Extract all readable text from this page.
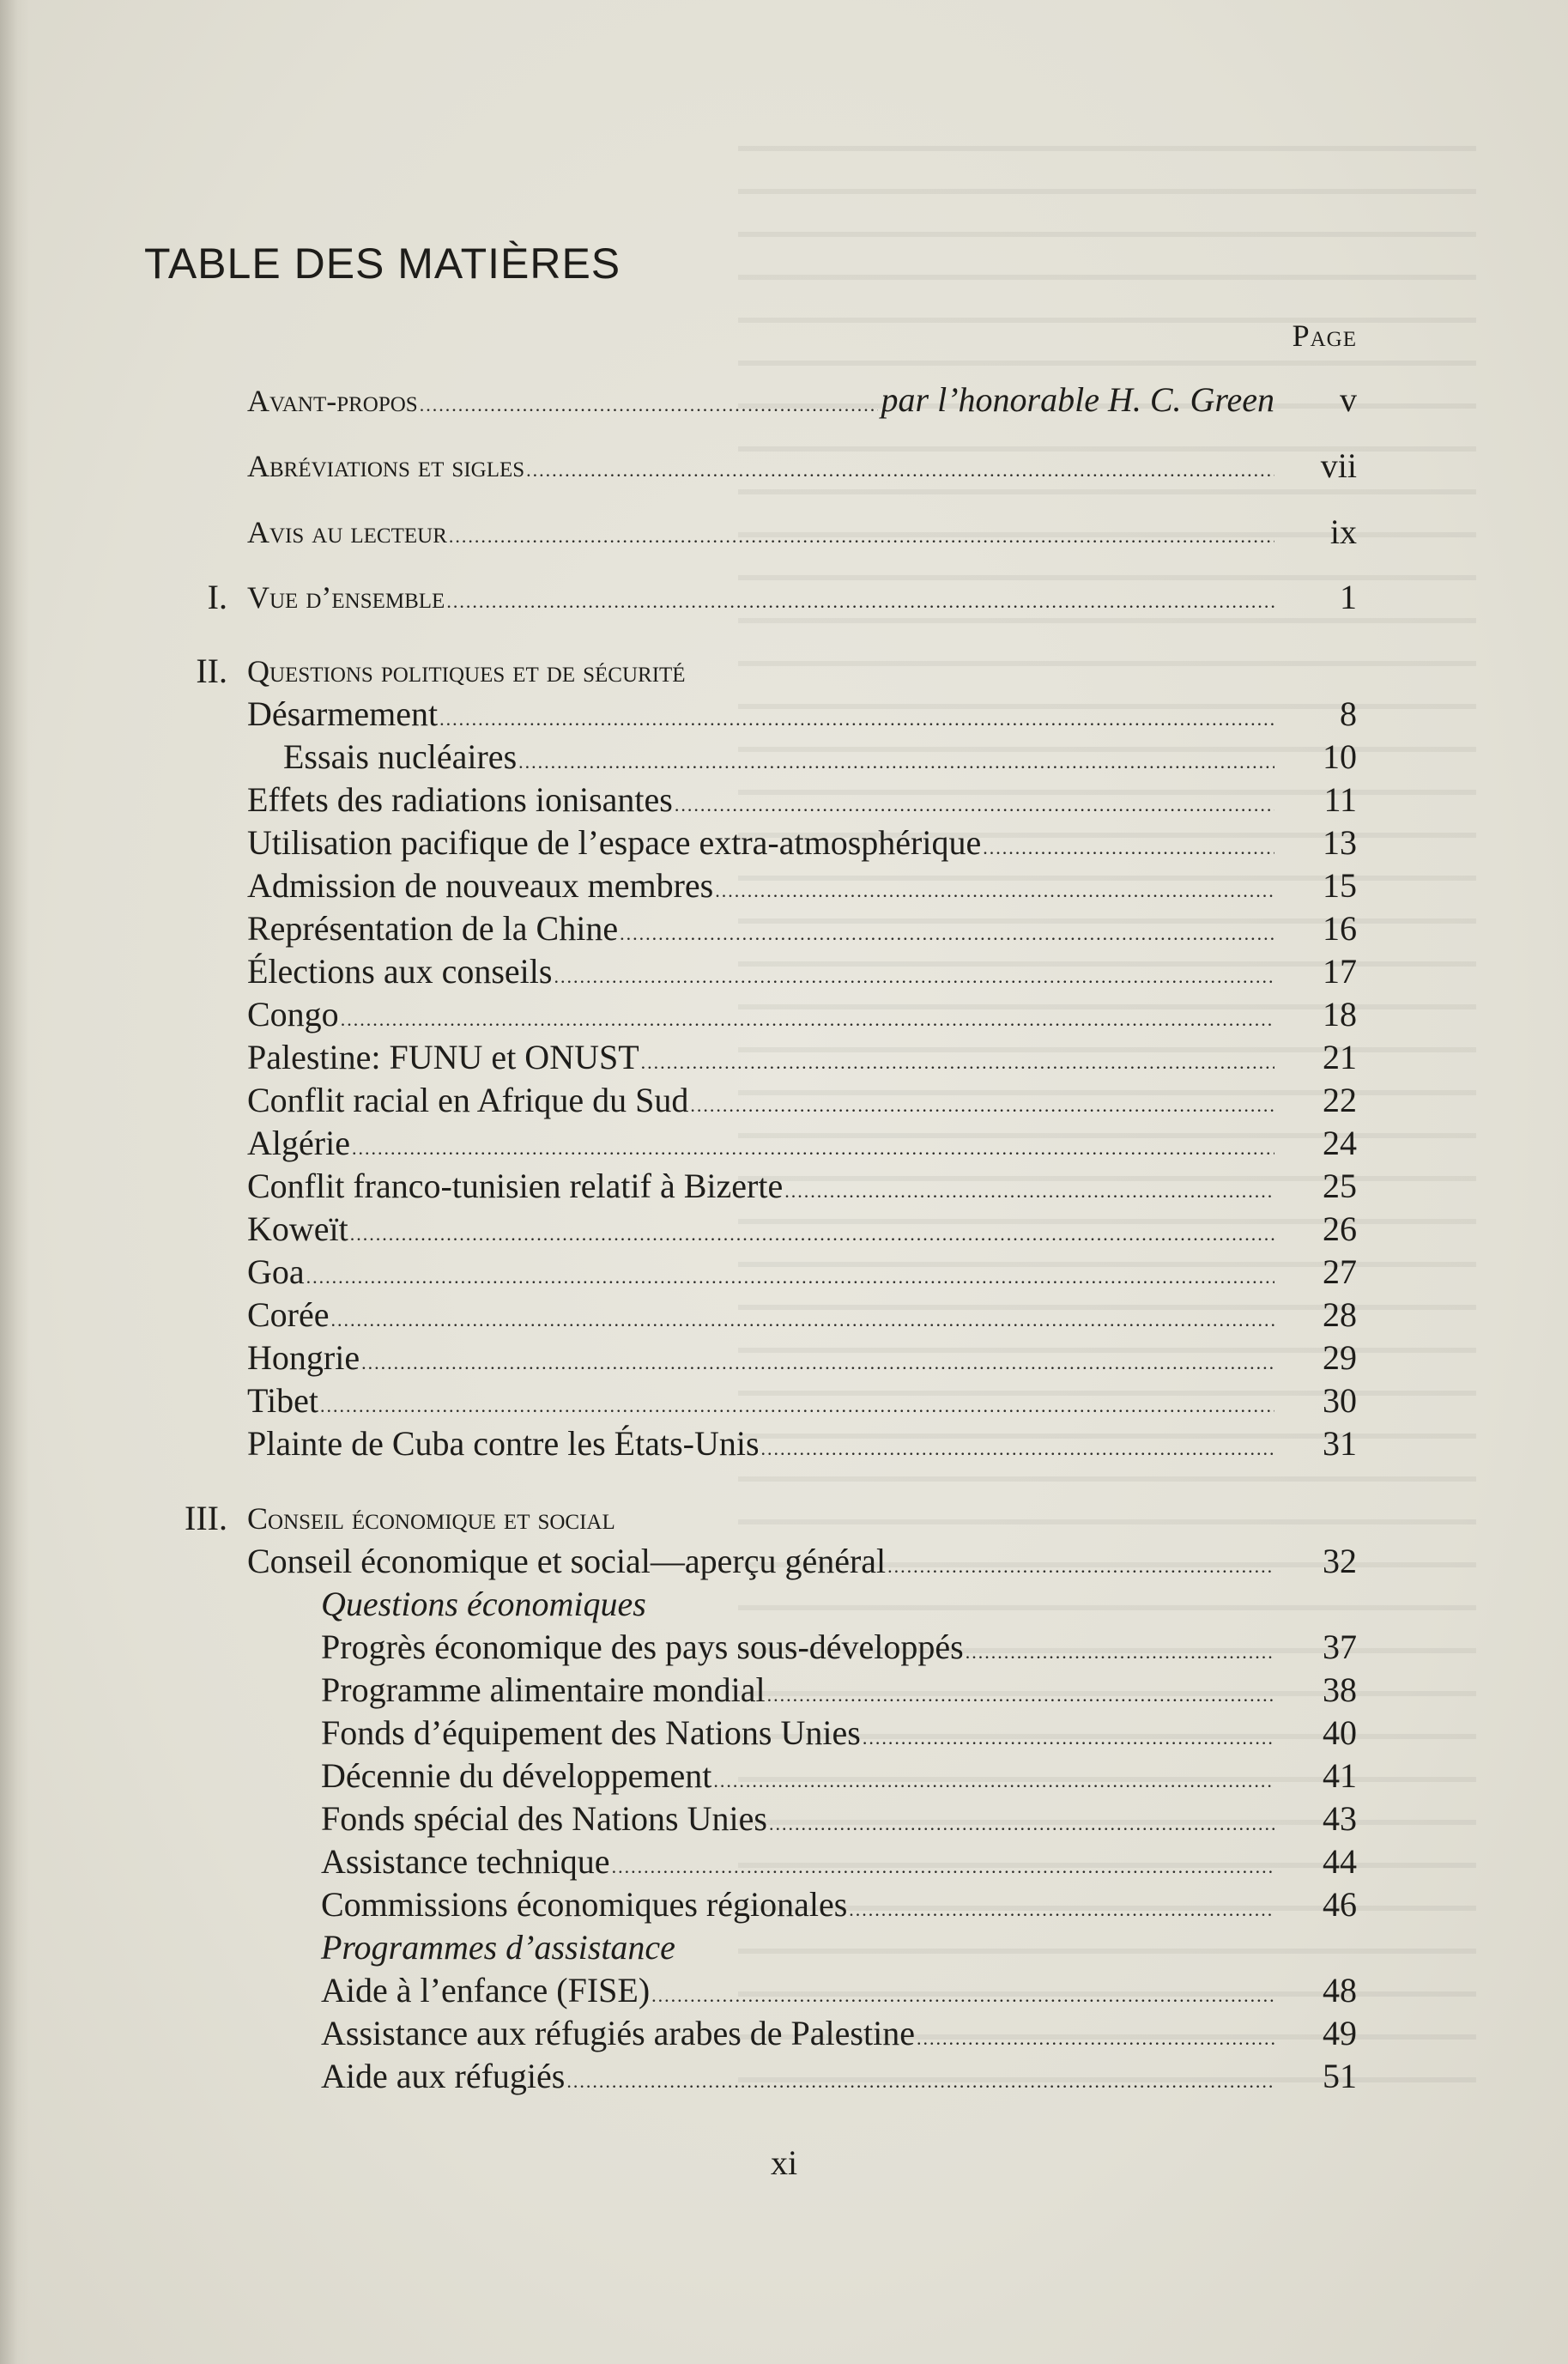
TABLE DES MATIÈRES
Page
Avant-propos .....	par l’honorable H. C. Green v
Abréviations et sigles .....	vii
Avis au lecteur .....	ix
I. Vue d’ensemble .....	1
II. Questions politiques et de sécurité
Désarmement .....	8
Essais nucléaires .....	10
Effets des radiations ionisantes .....	11
Utilisation pacifique de l’espace extra-atmosphérique .....	13
Admission de nouveaux membres .....	15
Représentation de la Chine .....	16
Élections aux conseils .....	17
Congo .....	18
Palestine: FUNU et ONUST .....	21
Conflit racial en Afrique du Sud .....	22
Algérie .....	24
Conflit franco-tunisien relatif à Bizerte .....	25
Koweït .....	26
Goa .....	27
Corée .....	28
Hongrie .....	29
Tibet .....	30
Plainte de Cuba contre les États-Unis .....	31
III. Conseil économique et social
Conseil économique et social—aperçu général .....	32
Questions économiques
Progrès économique des pays sous-développés .....	37
Programme alimentaire mondial .....	38
Fonds d’équipement des Nations Unies .....	40
Décennie du développement .....	41
Fonds spécial des Nations Unies .....	43
Assistance technique .....	44
Commissions économiques régionales .....	46
Programmes d’assistance
Aide à l’enfance (FISE) .....	48
Assistance aux réfugiés arabes de Palestine .....	49
Aide aux réfugiés .....	51
xi
